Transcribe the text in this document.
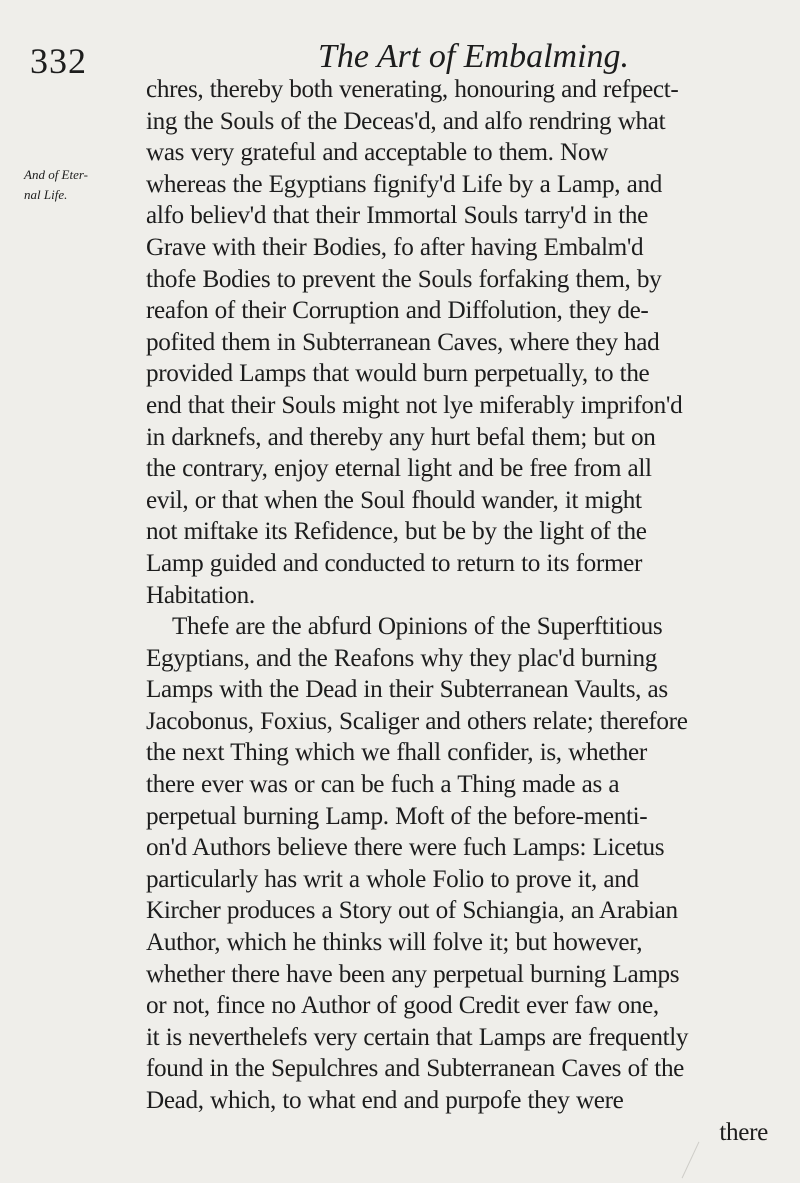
332	The Art of Embalming.
And of Eter-
nal Life.
chres, thereby both venerating, honouring and refpect-
ing the Souls of the Deceas'd, and alfo rendring what
was very grateful and acceptable to them. Now
whereas the Egyptians fignify'd Life by a Lamp, and
alfo believ'd that their Immortal Souls tarry'd in the
Grave with their Bodies, fo after having Embalm'd
thofe Bodies to prevent the Souls forfaking them, by
reafon of their Corruption and Diffolution, they de-
pofited them in Subterranean Caves, where they had
provided Lamps that would burn perpetually, to the
end that their Souls might not lye miferably imprifon'd
in darknefs, and thereby any hurt befal them; but on
the contrary, enjoy eternal light and be free from all
evil, or that when the Soul fhould wander, it might
not miftake its Refidence, but be by the light of the
Lamp guided and conducted to return to its former
Habitation.
Thefe are the abfurd Opinions of the Superftitious
Egyptians, and the Reafons why they plac'd burning
Lamps with the Dead in their Subterranean Vaults, as
Jacobonus, Foxius, Scaliger and others relate; therefore
the next Thing which we fhall confider, is, whether
there ever was or can be fuch a Thing made as a
perpetual burning Lamp. Moft of the before-menti-
on'd Authors believe there were fuch Lamps: Licetus
particularly has writ a whole Folio to prove it, and
Kircher produces a Story out of Schiangia, an Arabian
Author, which he thinks will folve it; but however,
whether there have been any perpetual burning Lamps
or not, fince no Author of good Credit ever faw one,
it is neverthelefs very certain that Lamps are frequently
found in the Sepulchres and Subterranean Caves of the
Dead, which, to what end and purpofe they were
there
